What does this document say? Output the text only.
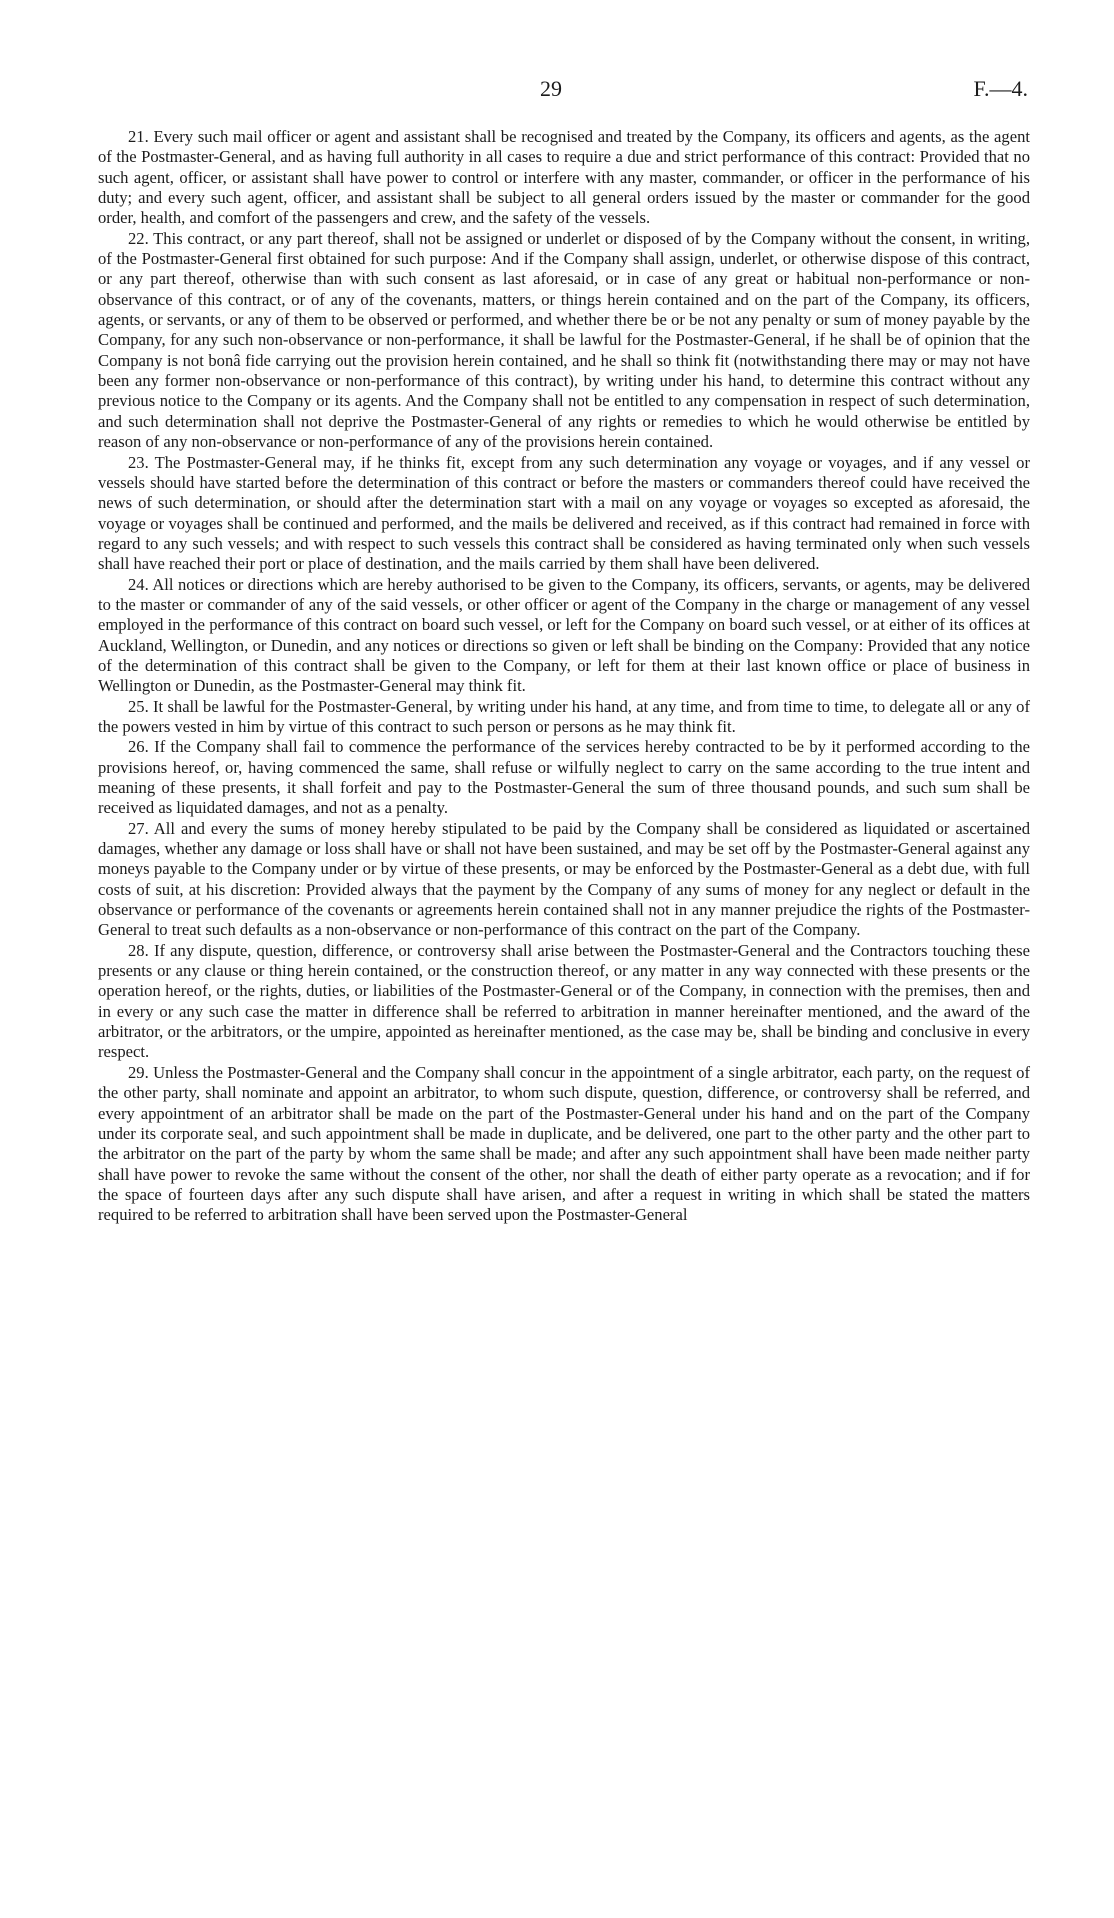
29	F.—4.

21. Every such mail officer or agent and assistant shall be recognised and treated by the Company, its officers and agents, as the agent of the Postmaster-General, and as having full authority in all cases to require a due and strict performance of this contract: Provided that no such agent, officer, or assistant shall have power to control or interfere with any master, commander, or officer in the performance of his duty; and every such agent, officer, and assistant shall be subject to all general orders issued by the master or commander for the good order, health, and comfort of the passengers and crew, and the safety of the vessels.

22. This contract, or any part thereof, shall not be assigned or underlet or disposed of by the Company without the consent, in writing, of the Postmaster-General first obtained for such purpose: And if the Company shall assign, underlet, or otherwise dispose of this contract, or any part thereof, otherwise than with such consent as last aforesaid, or in case of any great or habitual non-performance or non-observance of this contract, or of any of the covenants, matters, or things herein contained and on the part of the Company, its officers, agents, or servants, or any of them to be observed or performed, and whether there be or be not any penalty or sum of money payable by the Company, for any such non-observance or non-performance, it shall be lawful for the Postmaster-General, if he shall be of opinion that the Company is not bonâ fide carrying out the provision herein contained, and he shall so think fit (notwithstanding there may or may not have been any former non-observance or non-performance of this contract), by writing under his hand, to determine this contract without any previous notice to the Company or its agents. And the Company shall not be entitled to any compensation in respect of such determination, and such determination shall not deprive the Postmaster-General of any rights or remedies to which he would otherwise be entitled by reason of any non-observance or non-performance of any of the provisions herein contained.

23. The Postmaster-General may, if he thinks fit, except from any such determination any voyage or voyages, and if any vessel or vessels should have started before the determination of this contract or before the masters or commanders thereof could have received the news of such determination, or should after the determination start with a mail on any voyage or voyages so excepted as aforesaid, the voyage or voyages shall be continued and performed, and the mails be delivered and received, as if this contract had remained in force with regard to any such vessels; and with respect to such vessels this contract shall be considered as having terminated only when such vessels shall have reached their port or place of destination, and the mails carried by them shall have been delivered.

24. All notices or directions which are hereby authorised to be given to the Company, its officers, servants, or agents, may be delivered to the master or commander of any of the said vessels, or other officer or agent of the Company in the charge or management of any vessel employed in the performance of this contract on board such vessel, or left for the Company on board such vessel, or at either of its offices at Auckland, Wellington, or Dunedin, and any notices or directions so given or left shall be binding on the Company: Provided that any notice of the determination of this contract shall be given to the Company, or left for them at their last known office or place of business in Wellington or Dunedin, as the Postmaster-General may think fit.

25. It shall be lawful for the Postmaster-General, by writing under his hand, at any time, and from time to time, to delegate all or any of the powers vested in him by virtue of this contract to such person or persons as he may think fit.

26. If the Company shall fail to commence the performance of the services hereby contracted to be by it performed according to the provisions hereof, or, having commenced the same, shall refuse or wilfully neglect to carry on the same according to the true intent and meaning of these presents, it shall forfeit and pay to the Postmaster-General the sum of three thousand pounds, and such sum shall be received as liquidated damages, and not as a penalty.

27. All and every the sums of money hereby stipulated to be paid by the Company shall be considered as liquidated or ascertained damages, whether any damage or loss shall have or shall not have been sustained, and may be set off by the Postmaster-General against any moneys payable to the Company under or by virtue of these presents, or may be enforced by the Postmaster-General as a debt due, with full costs of suit, at his discretion: Provided always that the payment by the Company of any sums of money for any neglect or default in the observance or performance of the covenants or agreements herein contained shall not in any manner prejudice the rights of the Postmaster-General to treat such defaults as a non-observance or non-performance of this contract on the part of the Company.

28. If any dispute, question, difference, or controversy shall arise between the Postmaster-General and the Contractors touching these presents or any clause or thing herein contained, or the construction thereof, or any matter in any way connected with these presents or the operation hereof, or the rights, duties, or liabilities of the Postmaster-General or of the Company, in connection with the premises, then and in every or any such case the matter in difference shall be referred to arbitration in manner hereinafter mentioned, and the award of the arbitrator, or the arbitrators, or the umpire, appointed as hereinafter mentioned, as the case may be, shall be binding and conclusive in every respect.

29. Unless the Postmaster-General and the Company shall concur in the appointment of a single arbitrator, each party, on the request of the other party, shall nominate and appoint an arbitrator, to whom such dispute, question, difference, or controversy shall be referred, and every appointment of an arbitrator shall be made on the part of the Postmaster-General under his hand and on the part of the Company under its corporate seal, and such appointment shall be made in duplicate, and be delivered, one part to the other party and the other part to the arbitrator on the part of the party by whom the same shall be made; and after any such appointment shall have been made neither party shall have power to revoke the same without the consent of the other, nor shall the death of either party operate as a revocation; and if for the space of fourteen days after any such dispute shall have arisen, and after a request in writing in which shall be stated the matters required to be referred to arbitration shall have been served upon the Postmaster-General
